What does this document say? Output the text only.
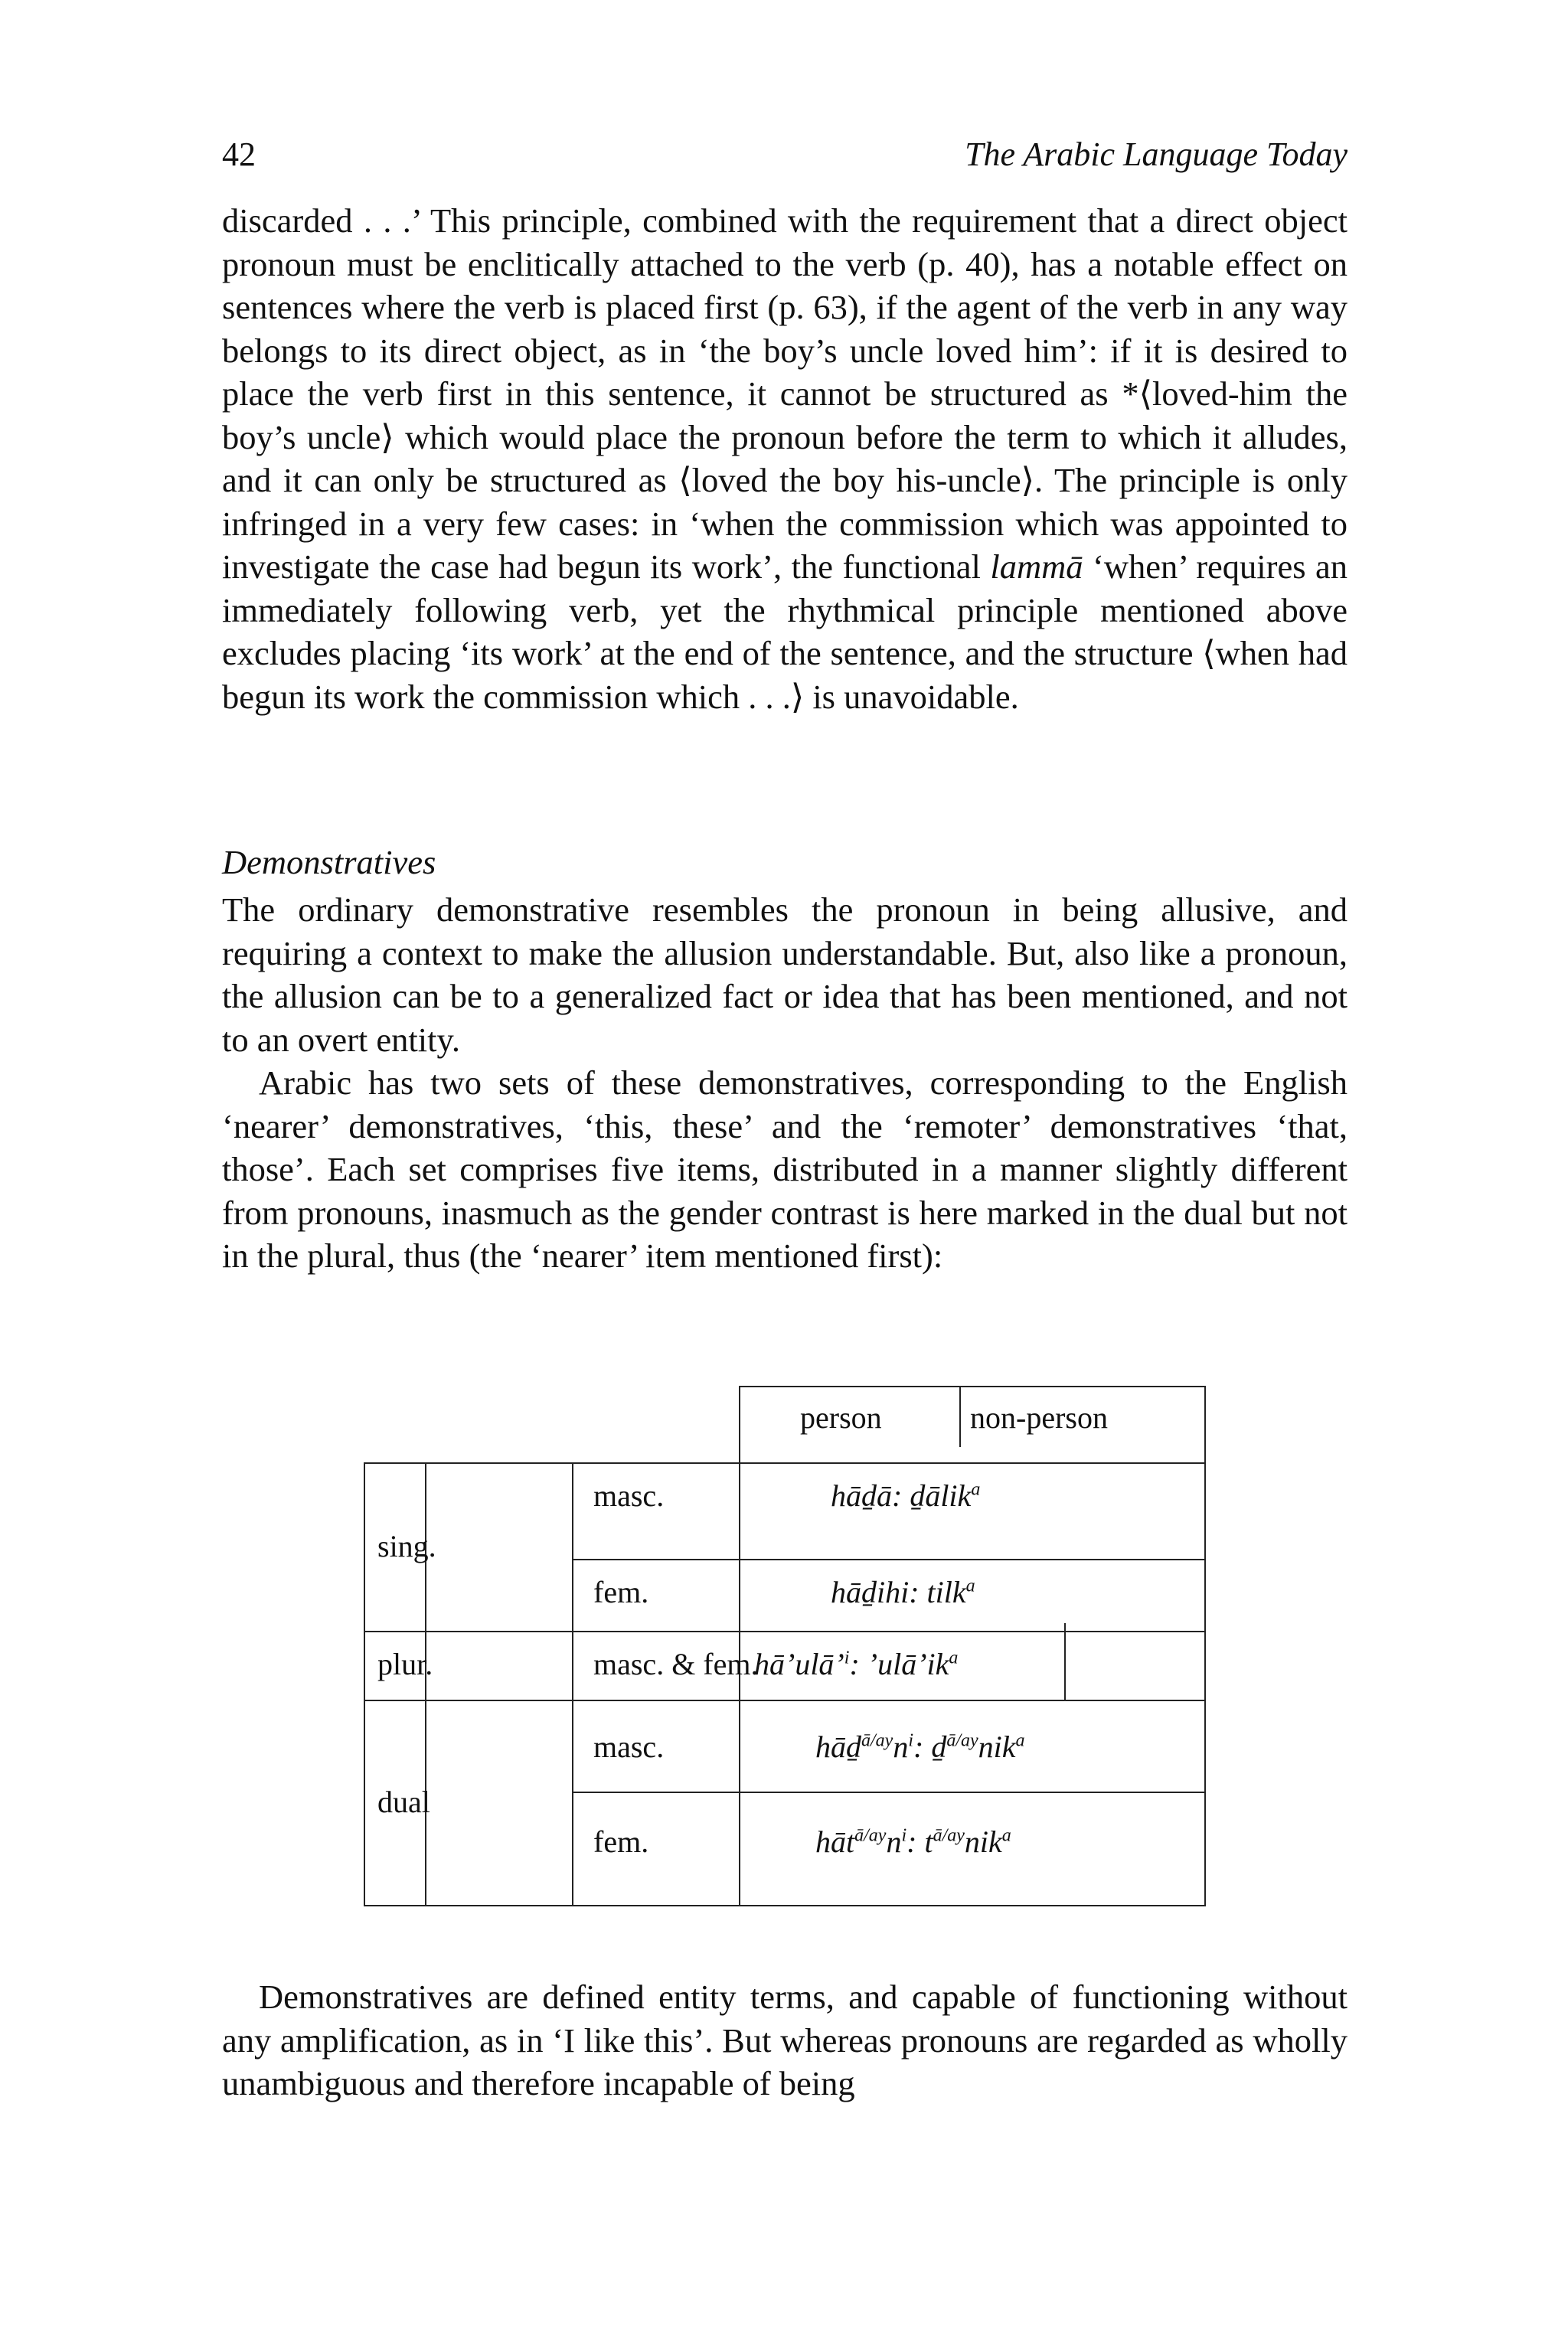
42	The Arabic Language Today

discarded . . .’ This principle, combined with the requirement that a direct object pronoun must be enclitically attached to the verb (p. 40), has a notable effect on sentences where the verb is placed first (p. 63), if the agent of the verb in any way belongs to its direct object, as in ‘the boy’s uncle loved him’: if it is desired to place the verb first in this sentence, it cannot be structured as *⟨loved-him the boy’s uncle⟩ which would place the pronoun before the term to which it alludes, and it can only be structured as ⟨loved the boy his-uncle⟩. The principle is only infringed in a very few cases: in ‘when the commission which was appointed to investigate the case had begun its work’, the functional lammā ‘when’ requires an immediately following verb, yet the rhythmical principle mentioned above excludes placing ‘its work’ at the end of the sentence, and the structure ⟨when had begun its work the commission which . . .⟩ is unavoidable.

Demonstratives

The ordinary demonstrative resembles the pronoun in being allusive, and requiring a context to make the allusion understandable. But, also like a pronoun, the allusion can be to a generalized fact or idea that has been mentioned, and not to an overt entity.

Arabic has two sets of these demonstratives, corresponding to the English ‘nearer’ demonstratives, ‘this, these’ and the ‘remoter’ demonstratives ‘that, those’. Each set comprises five items, distributed in a manner slightly different from pronouns, inasmuch as the gender contrast is here marked in the dual but not in the plural, thus (the ‘nearer’ item mentioned first):

person	non-person
sing.
plur.
dual
masc.
fem.
masc. & fem.
masc.
fem.
hāḏā: ḏālik$^a$
hāḏihi: tilk$^a$
hā’ulā’$^i$: $’ulā’ik^a$
$hāḏ^{ā/ay}n^i$: ḏ$^{ā/ay}$nik$^a$
$hāt^{ā/ay}n^i$: $t^{ā/ay}nik^a$

Demonstratives are defined entity terms, and capable of functioning without any amplification, as in ‘I like this’. But whereas pronouns are regarded as wholly unambiguous and therefore incapable of being
